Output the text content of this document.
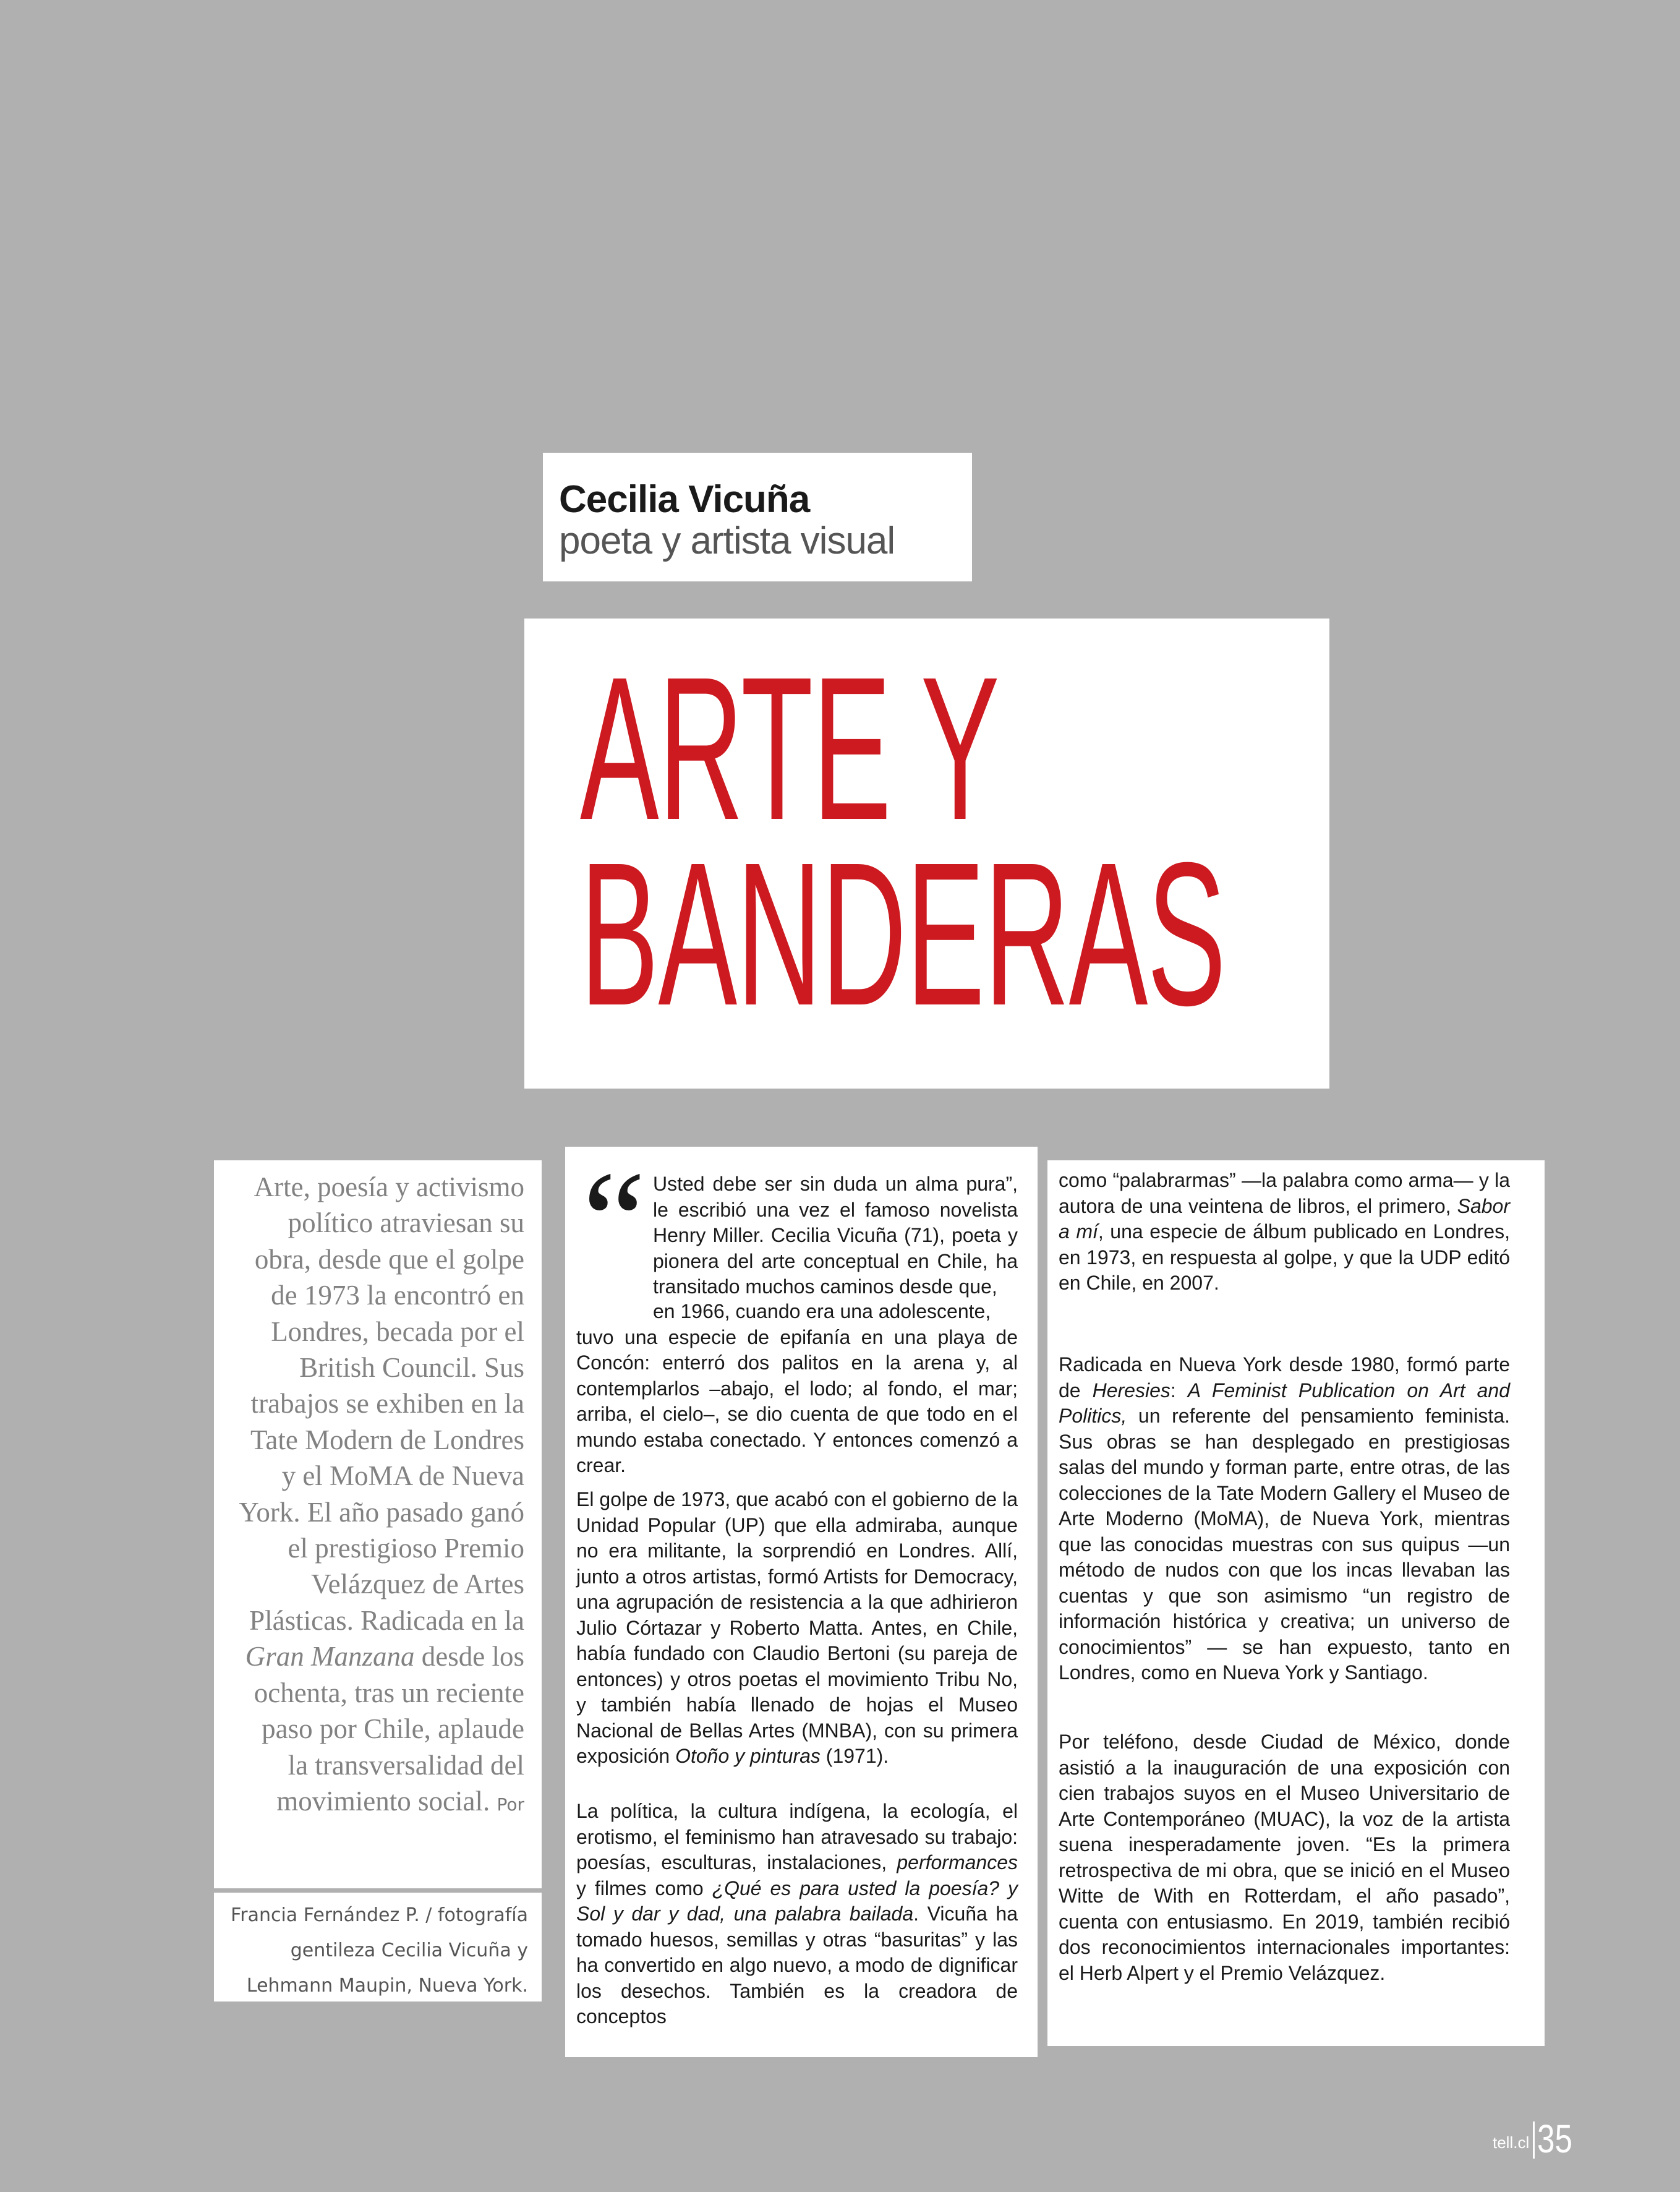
Cecilia Vicuña
poeta y artista visual
ARTE Y
BANDERAS
Arte, poesía y activismo político atraviesan su obra, desde que el golpe de 1973 la encontró en Londres, becada por el British Council. Sus trabajos se exhiben en la Tate Modern de Londres y el MoMA de Nueva York. El año pasado ganó el prestigioso Premio Velázquez de Artes Plásticas. Radicada en la Gran Manzana desde los ochenta, tras un reciente paso por Chile, aplaude la transversalidad del movimiento social. Por
Francia Fernández P. / fotografía
gentileza Cecilia Vicuña y
Lehmann Maupin, Nueva York.
“ Usted debe ser sin duda un alma pura”, le escribió una vez el famoso novelista Henry Miller. Cecilia Vicuña (71), poeta y pionera del arte conceptual en Chile, ha transitado muchos caminos desde que,
en 1966, cuando era una adolescente,
tuvo una especie de epifanía en una playa de Concón: enterró dos palitos en la arena y, al contemplarlos –abajo, el lodo; al fondo, el mar; arriba, el cielo–, se dio cuenta de que todo en el mundo estaba conectado. Y entonces comenzó a crear.
El golpe de 1973, que acabó con el gobierno de la Unidad Popular (UP) que ella admiraba, aunque no era militante, la sorprendió en Londres. Allí, junto a otros artistas, formó Artists for Democracy, una agrupación de resistencia a la que adhirieron Julio Córtazar y Roberto Matta. Antes, en Chile, había fundado con Claudio Bertoni (su pareja de entonces) y otros poetas el movimiento Tribu No, y también había llenado de hojas el Museo Nacional de Bellas Artes (MNBA), con su primera exposición Otoño y pinturas (1971).
La política, la cultura indígena, la ecología, el erotismo, el feminismo han atravesado su trabajo: poesías, esculturas, instalaciones, performances y filmes como ¿Qué es para usted la poesía? y Sol y dar y dad, una palabra bailada. Vicuña ha tomado huesos, semillas y otras “basuritas” y las ha convertido en algo nuevo, a modo de dignificar los desechos. También es la creadora de conceptos
como “palabrarmas” —la palabra como arma— y la autora de una veintena de libros, el primero, Sabor a mí, una especie de álbum publicado en Londres, en 1973, en respuesta al golpe, y que la UDP editó en Chile, en 2007.
Radicada en Nueva York desde 1980, formó parte de Heresies: A Feminist Publication on Art and Politics, un referente del pensamiento feminista. Sus obras se han desplegado en prestigiosas salas del mundo y forman parte, entre otras, de las colecciones de la Tate Modern Gallery el Museo de Arte Moderno (MoMA), de Nueva York, mientras que las conocidas muestras con sus quipus —un método de nudos con que los incas llevaban las cuentas y que son asimismo “un registro de información histórica y creativa; un universo de conocimientos” — se han expuesto, tanto en Londres, como en Nueva York y Santiago.
Por teléfono, desde Ciudad de México, donde asistió a la inauguración de una exposición con cien trabajos suyos en el Museo Universitario de Arte Contemporáneo (MUAC), la voz de la artista suena inesperadamente joven. “Es la primera retrospectiva de mi obra, que se inició en el Museo Witte de With en Rotterdam, el año pasado”, cuenta con entusiasmo. En 2019, también recibió dos reconocimientos internacionales importantes: el Herb Alpert y el Premio Velázquez.
tell.cl 35
